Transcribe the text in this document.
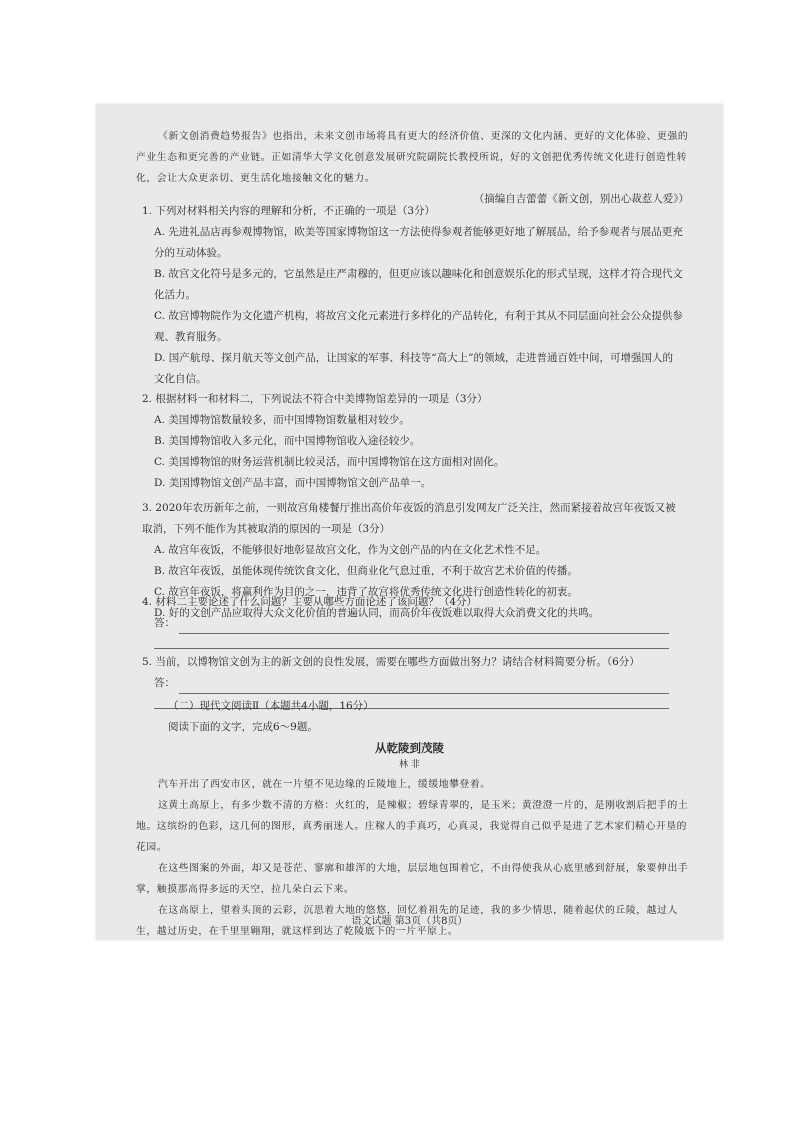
《新文创消费趋势报告》也指出，未来文创市场将具有更大的经济价值、更深的文化内涵、更好的文化体验、更强的产业生态和更完善的产业链。正如清华大学文化创意发展研究院副院长教授所说，好的文创把优秀传统文化进行创造性转化，会让大众更亲切、更生活化地接触文化的魅力。

（摘编自吉蕾蕾《新文创，别出心裁惹人爱》）

1. 下列对材料相关内容的理解和分析，不正确的一项是（3分）

A. 先进礼品店再参观博物馆，欧美等国家博物馆这一方法使得参观者能够更好地了解展品，给予参观者与展品更充分的互动体验。

B. 故宫文化符号是多元的，它虽然是庄严肃穆的，但更应该以趣味化和创意娱乐化的形式呈现，这样才符合现代文化活力。

C. 故宫博物院作为文化遗产机构，将故宫文化元素进行多样化的产品转化，有利于其从不同层面向社会公众提供参观、教育服务。

D. 国产航母、探月航天等文创产品，让国家的军事、科技等“高大上”的领域，走进普通百姓中间，可增强国人的文化自信。

2. 根据材料一和材料二，下列说法不符合中美博物馆差异的一项是（3分）

A. 美国博物馆数量较多，而中国博物馆数量相对较少。

B. 美国博物馆收入多元化，而中国博物馆收入途径较少。

C. 美国博物馆的财务运营机制比较灵活，而中国博物馆在这方面相对固化。

D. 美国博物馆文创产品丰富，而中国博物馆文创产品单一。

3. 2020年农历新年之前，一则故宫角楼餐厅推出高价年夜饭的消息引发网友广泛关注，然而紧接着故宫年夜饭又被取消，下列不能作为其被取消的原因的一项是（3分）

A. 故宫年夜饭，不能够很好地彰显故宫文化，作为文创产品的内在文化艺术性不足。

B. 故宫年夜饭，虽能体现传统饮食文化，但商业化气息过重，不利于故宫艺术价值的传播。

C. 故宫年夜饭，将赢利作为目的之一，违背了故宫将优秀传统文化进行创造性转化的初衷。

D. 好的文创产品应取得大众文化价值的普遍认同，而高价年夜饭难以取得大众消费文化的共鸣。

4. 材料二主要论述了什么问题？主要从哪些方面论述了该问题？（4分）

答：

5. 当前，以博物馆文创为主的新文创的良性发展，需要在哪些方面做出努力？请结合材料简要分析。（6分）

答：

（二）现代文阅读Ⅱ（本题共4小题，16分）

阅读下面的文字，完成6～9题。

从乾陵到茂陵

林 非

汽车开出了西安市区，就在一片望不见边缘的丘陵地上，缓缓地攀登着。

这黄土高原上，有多少数不清的方格：火红的，是辣椒；碧绿青翠的，是玉米；黄澄澄一片的，是刚收割后把手的土地。这缤纷的色彩，这几何的图形，真秀丽迷人。庄稼人的手真巧，心真灵，我觉得自己似乎是进了艺术家们精心开垦的花园。

在这些图案的外面，却又是苍茫、寥廓和雄浑的大地，层层地包围着它，不由得使我从心底里感到舒展，象要伸出手掌，触摸那高得多远的天空，拉几朵白云下来。

在这高原上，望着头顶的云彩，沉思着大地的悠悠，回忆着祖先的足迹，我的多少情思，随着起伏的丘陵，越过人生，越过历史，在千里里翱翔，就这样到达了乾陵底下的一片平原上。

语文试题 第3页（共8页）
